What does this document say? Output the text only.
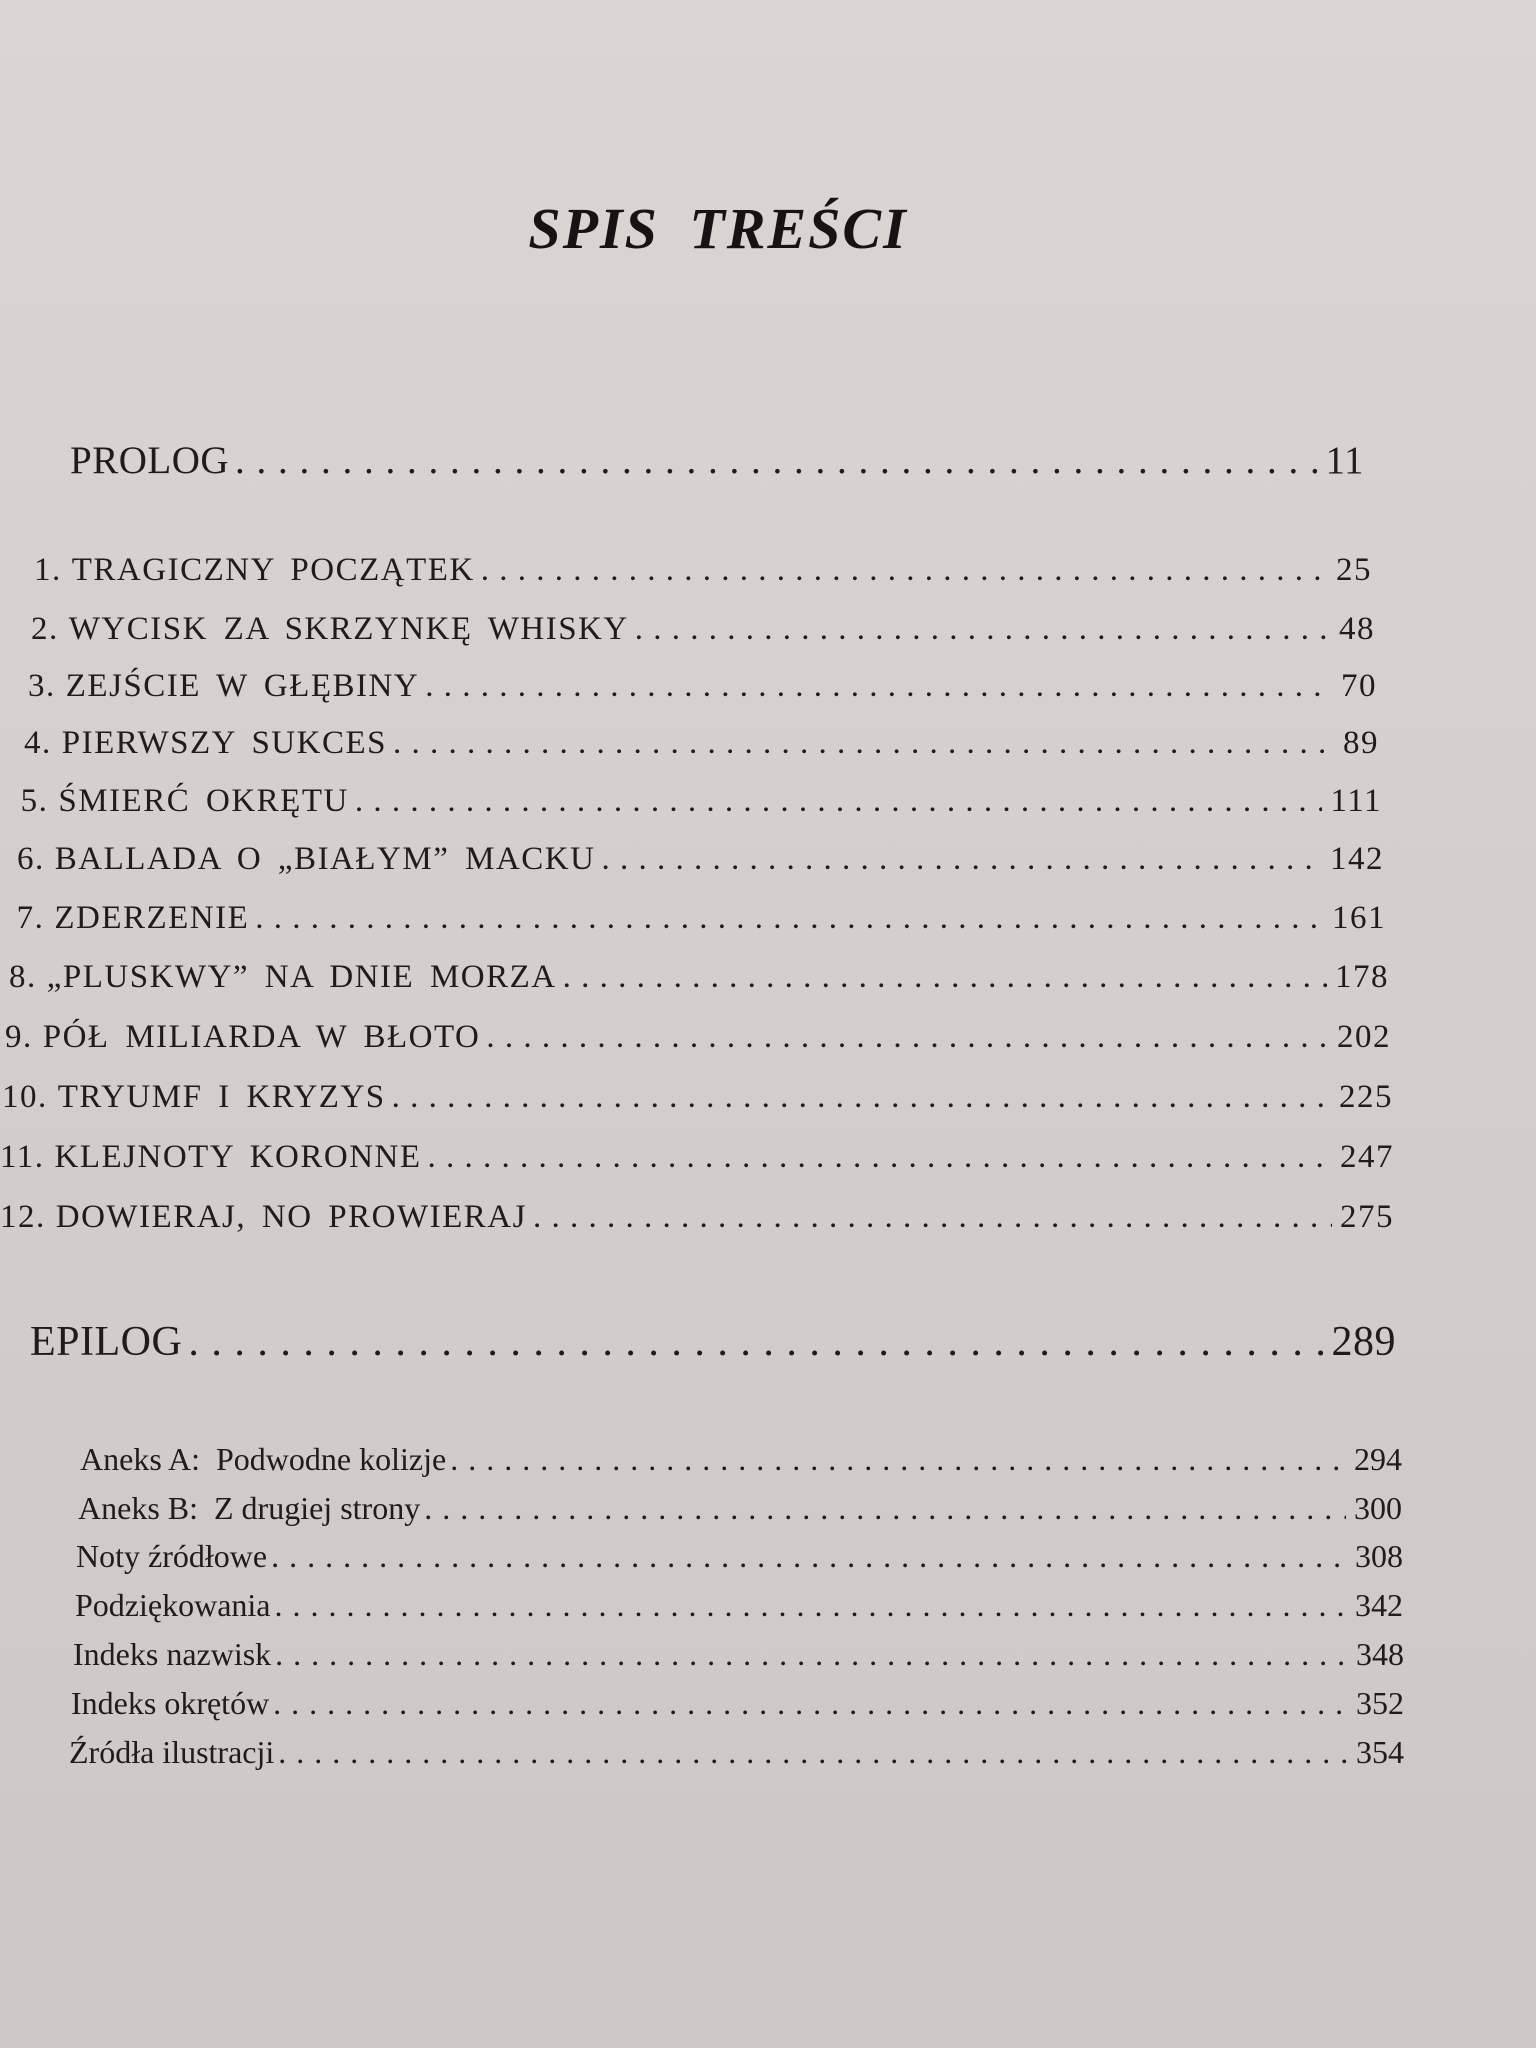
SPIS TREŚCI
PROLOG . . .	11
1. TRAGICZNY POCZĄTEK . . .	25
2. WYCISK ZA SKRZYNKĘ WHISKY . . .	48
3. ZEJŚCIE W GŁĘBINY . . .	70
4. PIERWSZY SUKCES . . .	89
5. ŚMIERĆ OKRĘTU . . .	111
6. BALLADA O „BIAŁYM” MACKU . . .	142
7. ZDERZENIE . . .	161
8. „PLUSKWY” NA DNIE MORZA . . .	178
9. PÓŁ MILIARDA W BŁOTO . . .	202
10. TRYUMF I KRYZYS . . .	225
11. KLEJNOTY KORONNE . . .	247
12. DOWIERAJ, NO PROWIERAJ . . .	275
EPILOG . . .	289
Aneks A:  Podwodne kolizje . . .	294
Aneks B:  Z drugiej strony . . .	300
Noty źródłowe . . .	308
Podziękowania . . .	342
Indeks nazwisk . . .	348
Indeks okrętów . . .	352
Źródła ilustracji . . .	354
